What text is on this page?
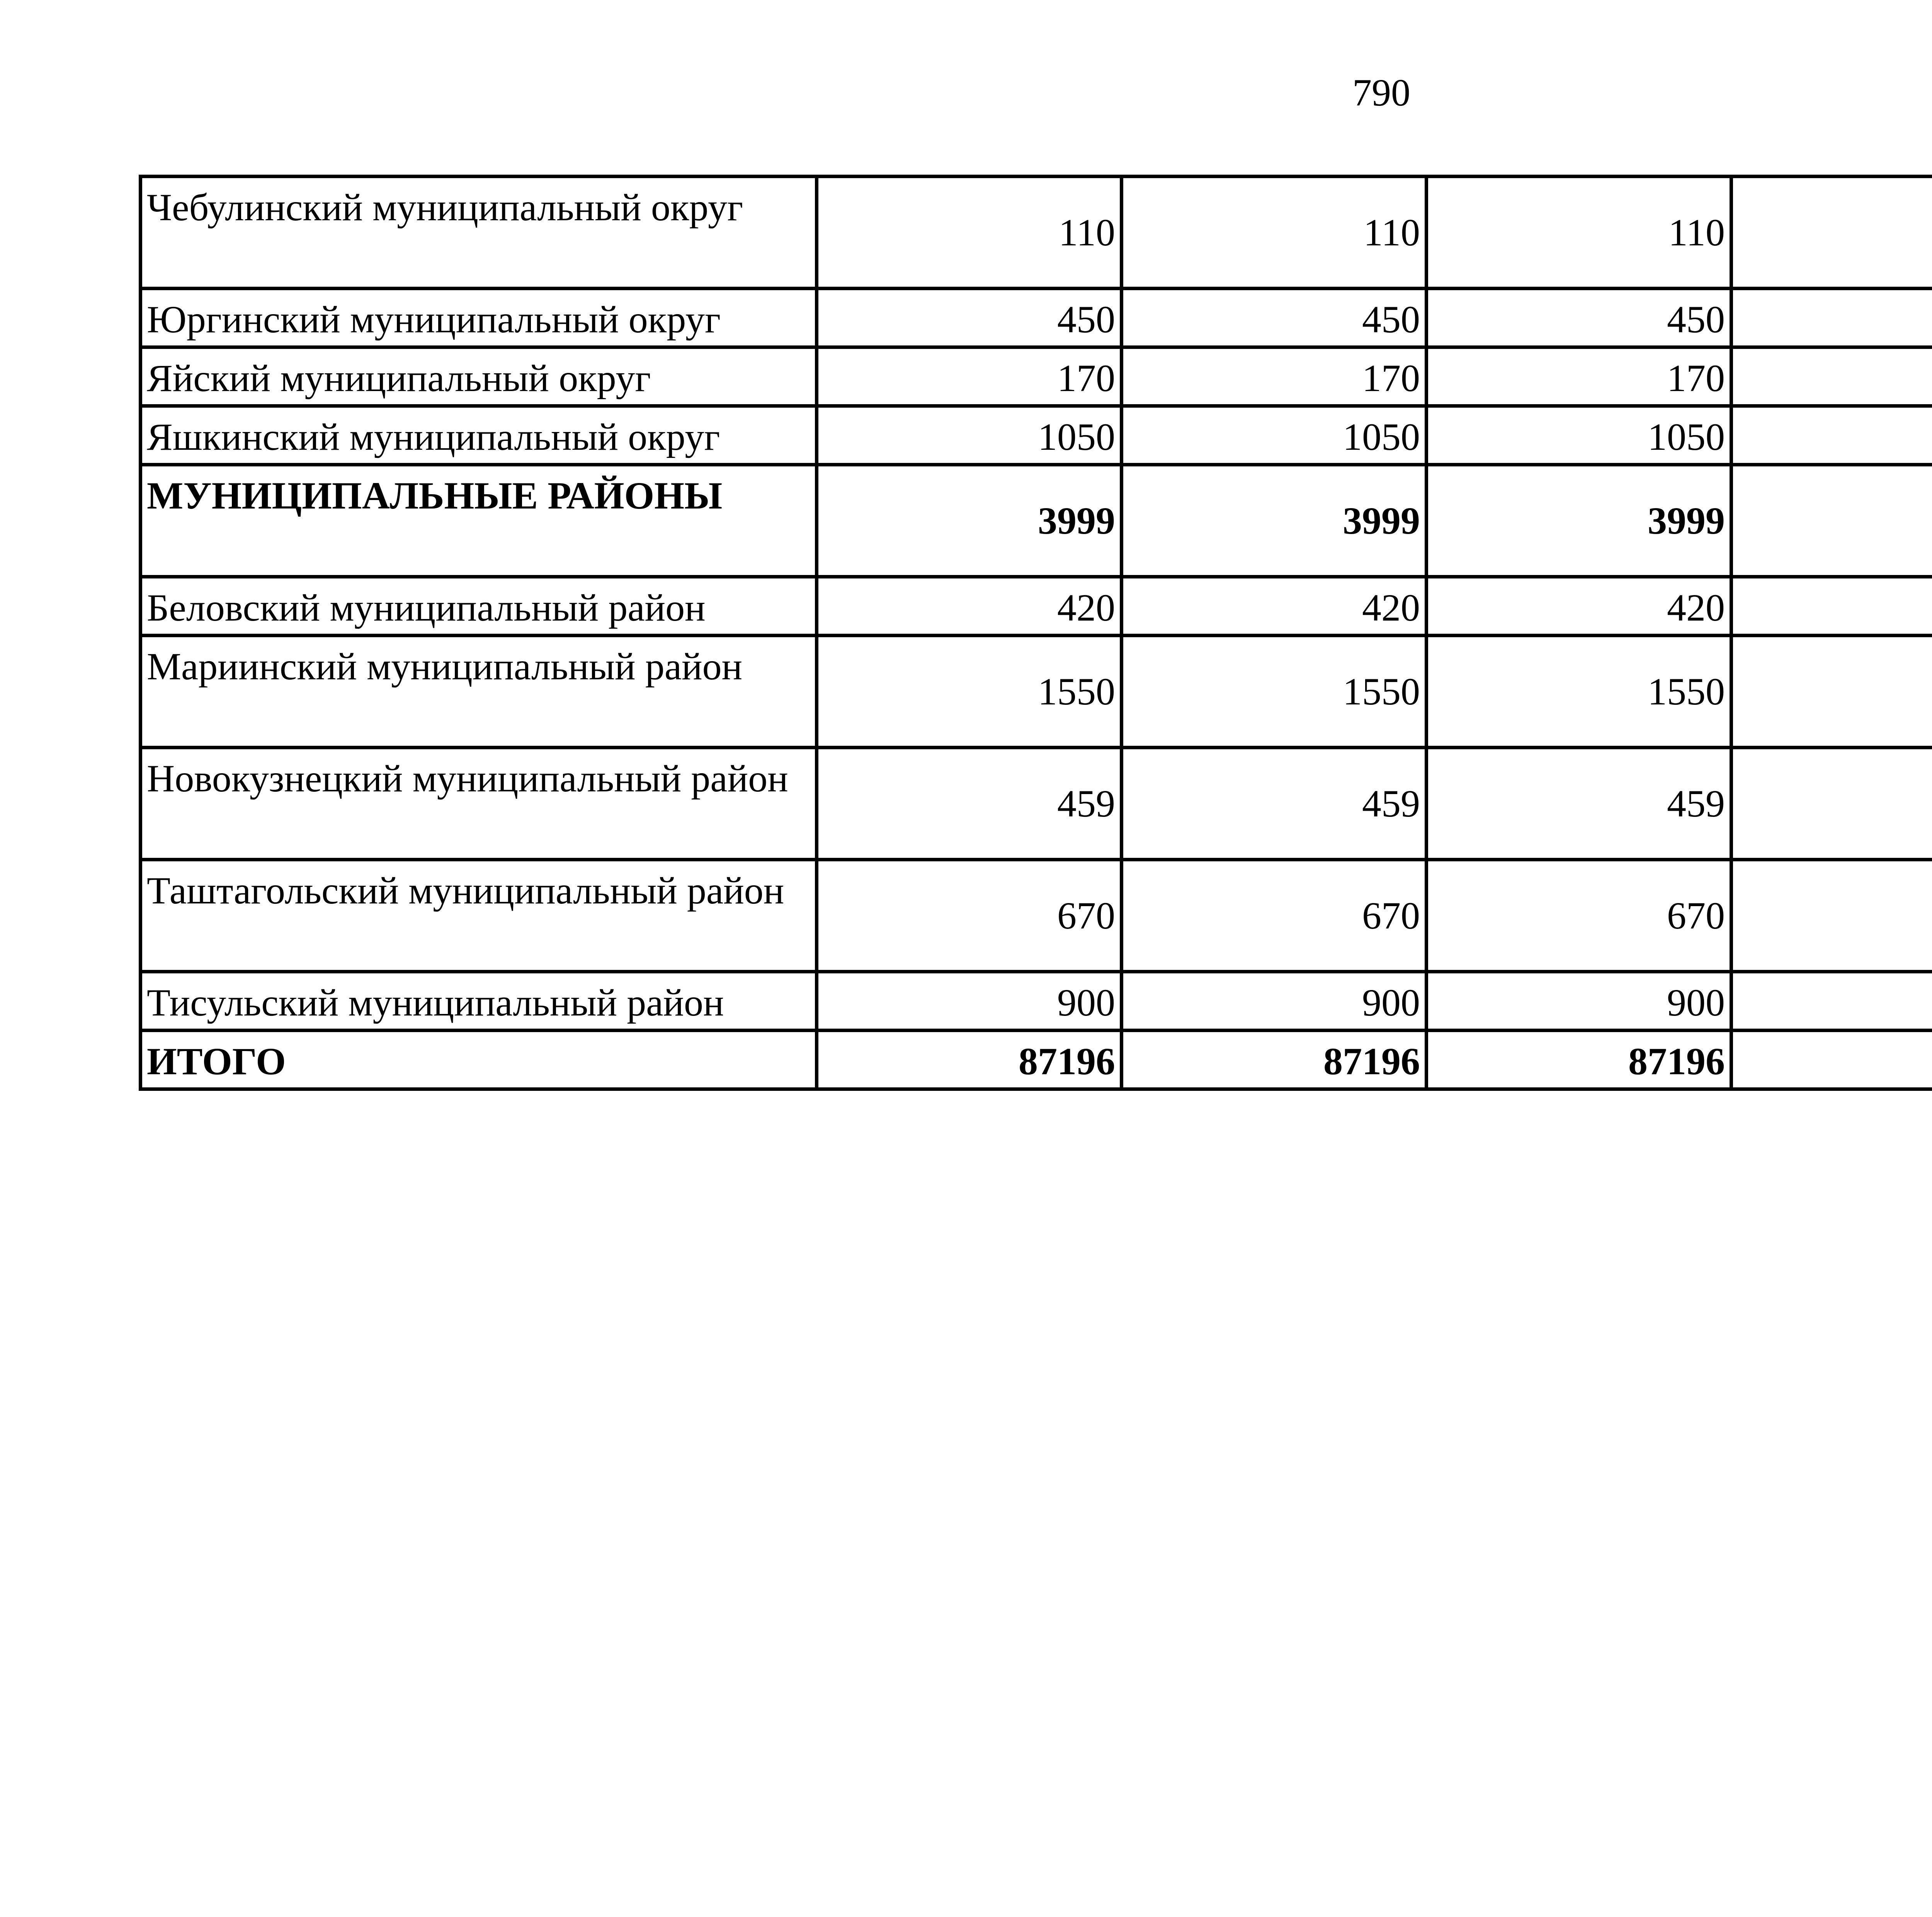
790
Чебулинский муниципальный округ	110	110	110			

Юргинский муниципальный округ	450	450	450			

Яйский муниципальный округ	170	170	170			

Яшкинский муниципальный округ	1050	1050	1050			

МУНИЦИПАЛЬНЫЕ РАЙОНЫ	3999	3999	3999			

Беловский муниципальный район	420	420	420			

Мариинский муниципальный район	1550	1550	1550			

Новокузнецкий муниципальный район	459	459	459			

Таштагольский муниципальный район	670	670	670			

Тисульский муниципальный район	900	900	900			

ИТОГО	87196	87196	87196			
